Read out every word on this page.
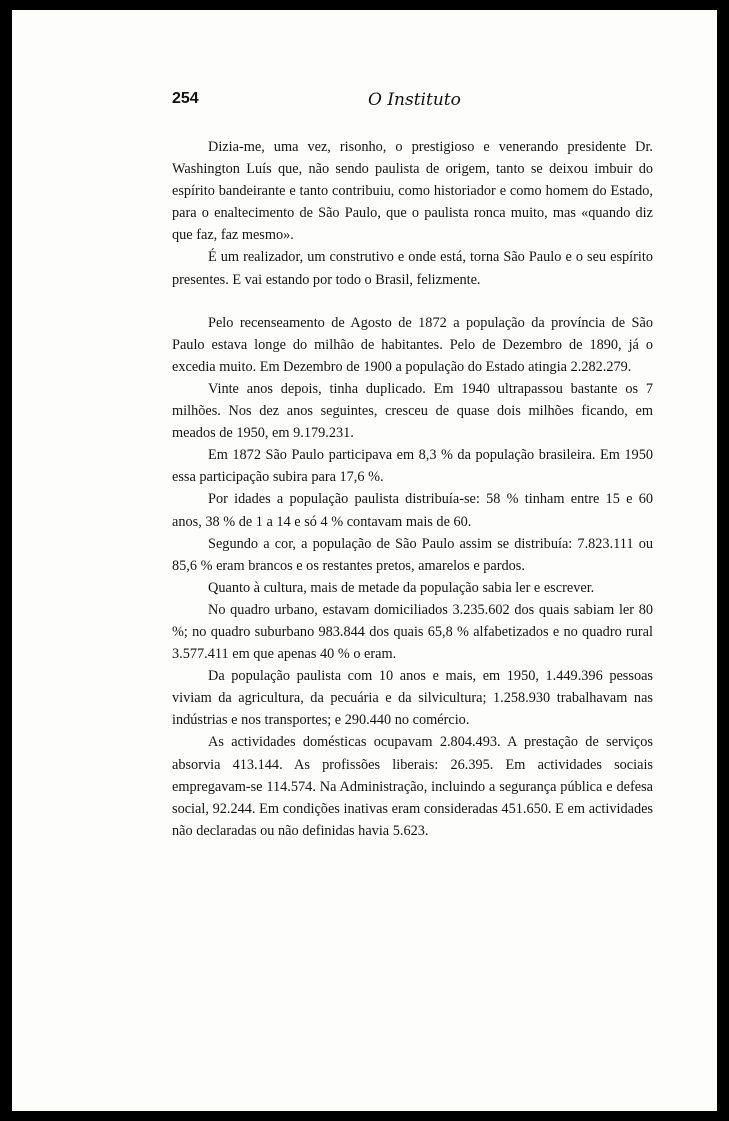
254	O Instituto

Dizia-me, uma vez, risonho, o prestigioso e venerando presidente Dr. Washington Luís que, não sendo paulista de origem, tanto se deixou imbuir do espírito bandeirante e tanto contribuiu, como historiador e como homem do Estado, para o enaltecimento de São Paulo, que o paulista ronca muito, mas «quando diz que faz, faz mesmo».

É um realizador, um construtivo e onde está, torna São Paulo e o seu espírito presentes. E vai estando por todo o Brasil, felizmente.

Pelo recenseamento de Agosto de 1872 a população da província de São Paulo estava longe do milhão de habitantes. Pelo de Dezembro de 1890, já o excedia muito. Em Dezembro de 1900 a população do Estado atingia 2.282.279.

Vinte anos depois, tinha duplicado. Em 1940 ultrapassou bastante os 7 milhões. Nos dez anos seguintes, cresceu de quase dois milhões ficando, em meados de 1950, em 9.179.231.

Em 1872 São Paulo participava em 8,3 % da população brasileira. Em 1950 essa participação subira para 17,6 %.

Por idades a população paulista distribuía-se: 58 % tinham entre 15 e 60 anos, 38 % de 1 a 14 e só 4 % contavam mais de 60.

Segundo a cor, a população de São Paulo assim se distribuía: 7.823.111 ou 85,6 % eram brancos e os restantes pretos, amarelos e pardos.

Quanto à cultura, mais de metade da população sabia ler e escrever.

No quadro urbano, estavam domiciliados 3.235.602 dos quais sabiam ler 80 %; no quadro suburbano 983.844 dos quais 65,8 % alfabetizados e no quadro rural 3.577.411 em que apenas 40 % o eram.

Da população paulista com 10 anos e mais, em 1950, 1.449.396 pessoas viviam da agricultura, da pecuária e da silvicultura; 1.258.930 trabalhavam nas indústrias e nos transportes; e 290.440 no comércio.

As actividades domésticas ocupavam 2.804.493. A prestação de serviços absorvia 413.144. As profissões liberais: 26.395. Em actividades sociais empregavam-se 114.574. Na Administração, incluindo a segurança pública e defesa social, 92.244. Em condições inativas eram consideradas 451.650. E em actividades não declaradas ou não definidas havia 5.623.
